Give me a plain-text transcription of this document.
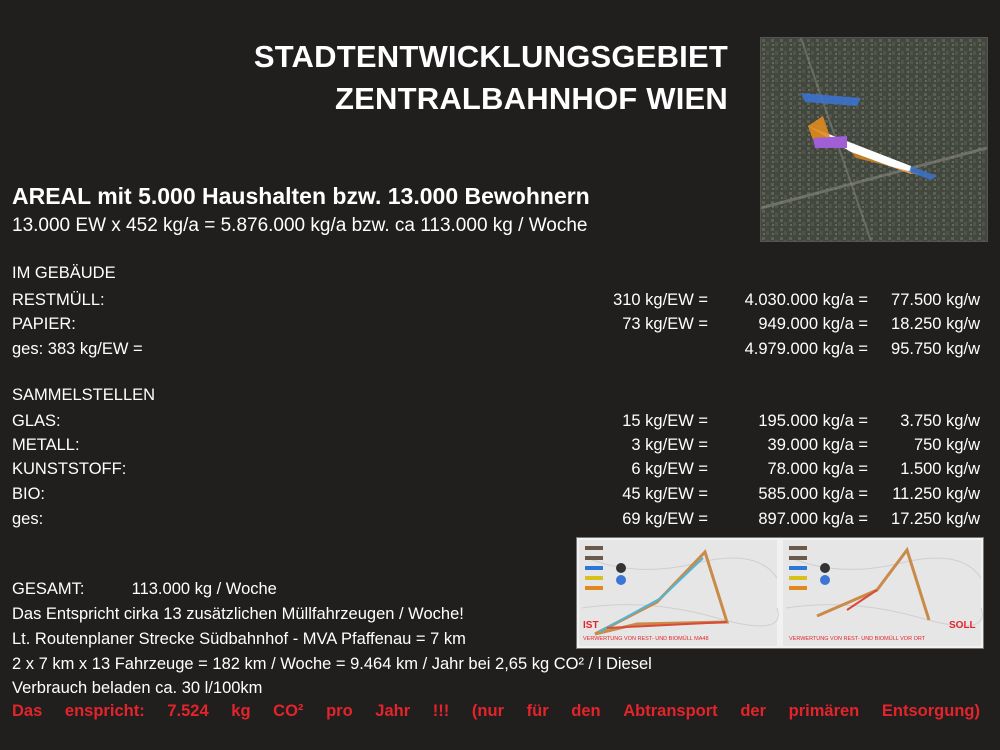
STADTENTWICKLUNGSGEBIET
ZENTRALBAHNHOF WIEN
AREAL mit 5.000 Haushalten bzw. 13.000 Bewohnern
13.000 EW x 452 kg/a = 5.876.000 kg/a bzw. ca 113.000 kg / Woche
IM GEBÄUDE
RESTMÜLL:	310 kg/EW =	4.030.000 kg/a =	77.500 kg/w
PAPIER:	73 kg/EW =	949.000 kg/a =	18.250 kg/w
ges: 383 kg/EW =	4.979.000 kg/a =	95.750 kg/w
SAMMELSTELLEN
GLAS:	15 kg/EW =	195.000 kg/a =	3.750 kg/w
METALL:	3 kg/EW =	39.000 kg/a =	750 kg/w
KUNSTSTOFF:	6 kg/EW =	78.000 kg/a =	1.500 kg/w
BIO:	45 kg/EW =	585.000 kg/a =	11.250 kg/w
ges:	69 kg/EW =	897.000 kg/a =	17.250 kg/w
IST
VERWERTUNG VON REST- UND BIOMÜLL MA48
SOLL
VERWERTUNG VON REST- UND BIOMÜLL VOR ORT
GESAMT:	113.000 kg / Woche
Das Entspricht cirka 13 zusätzlichen Müllfahrzeugen / Woche!
Lt. Routenplaner Strecke Südbahnhof - MVA Pfaffenau = 7 km
2 x 7 km x 13 Fahrzeuge = 182 km / Woche = 9.464 km / Jahr bei 2,65 kg CO² / l Diesel
Verbrauch beladen ca. 30 l/100km
Das enspricht: 7.524 kg CO² pro Jahr !!! (nur für den Abtransport der primären Entsorgung)
